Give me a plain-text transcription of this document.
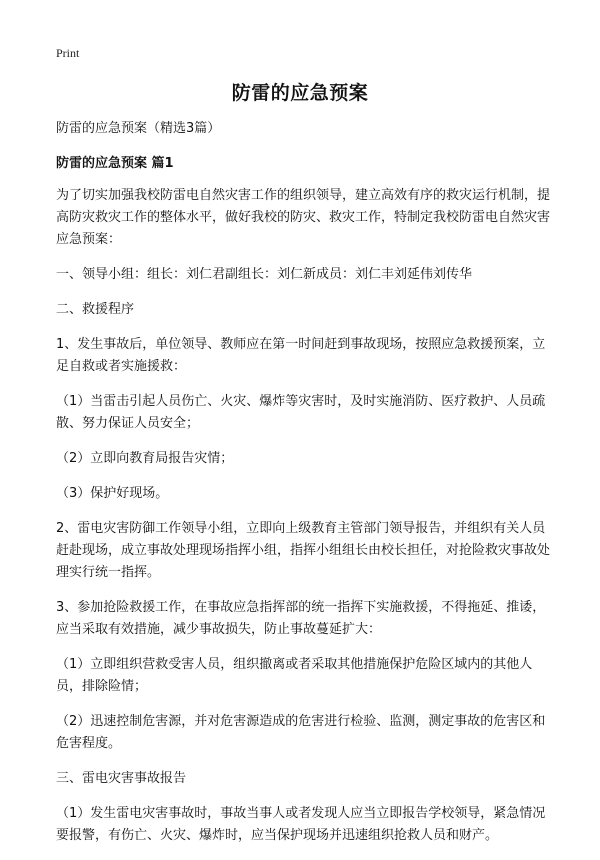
Print
防雷的应急预案

防雷的应急预案（精选3篇）

防雷的应急预案 篇1

为了切实加强我校防雷电自然灾害工作的组织领导，建立高效有序的救灾运行机制，提高防灾救灾工作的整体水平，做好我校的防灾、救灾工作，特制定我校防雷电自然灾害应急预案：

一、领导小组：组长：刘仁君副组长：刘仁新成员：刘仁丰刘延伟刘传华

二、救援程序

1、发生事故后，单位领导、教师应在第一时间赶到事故现场，按照应急救援预案，立足自救或者实施援救：

（1）当雷击引起人员伤亡、火灾、爆炸等灾害时，及时实施消防、医疗救护、人员疏散、努力保证人员安全；

（2）立即向教育局报告灾情；

（3）保护好现场。

2、雷电灾害防御工作领导小组，立即向上级教育主管部门领导报告，并组织有关人员赶赴现场，成立事故处理现场指挥小组，指挥小组组长由校长担任，对抢险救灾事故处理实行统一指挥。

3、参加抢险救援工作，在事故应急指挥部的统一指挥下实施救援，不得拖延、推诿，应当采取有效措施，减少事故损失，防止事故蔓延扩大：

（1）立即组织营救受害人员，组织撤离或者采取其他措施保护危险区域内的其他人员，排除险情；

（2）迅速控制危害源，并对危害源造成的危害进行检验、监测，测定事故的危害区和危害程度。

三、雷电灾害事故报告

（1）发生雷电灾害事故时，事故当事人或者发现人应当立即报告学校领导，紧急情况要报警，有伤亡、火灾、爆炸时，应当保护现场并迅速组织抢救人员和财产。
